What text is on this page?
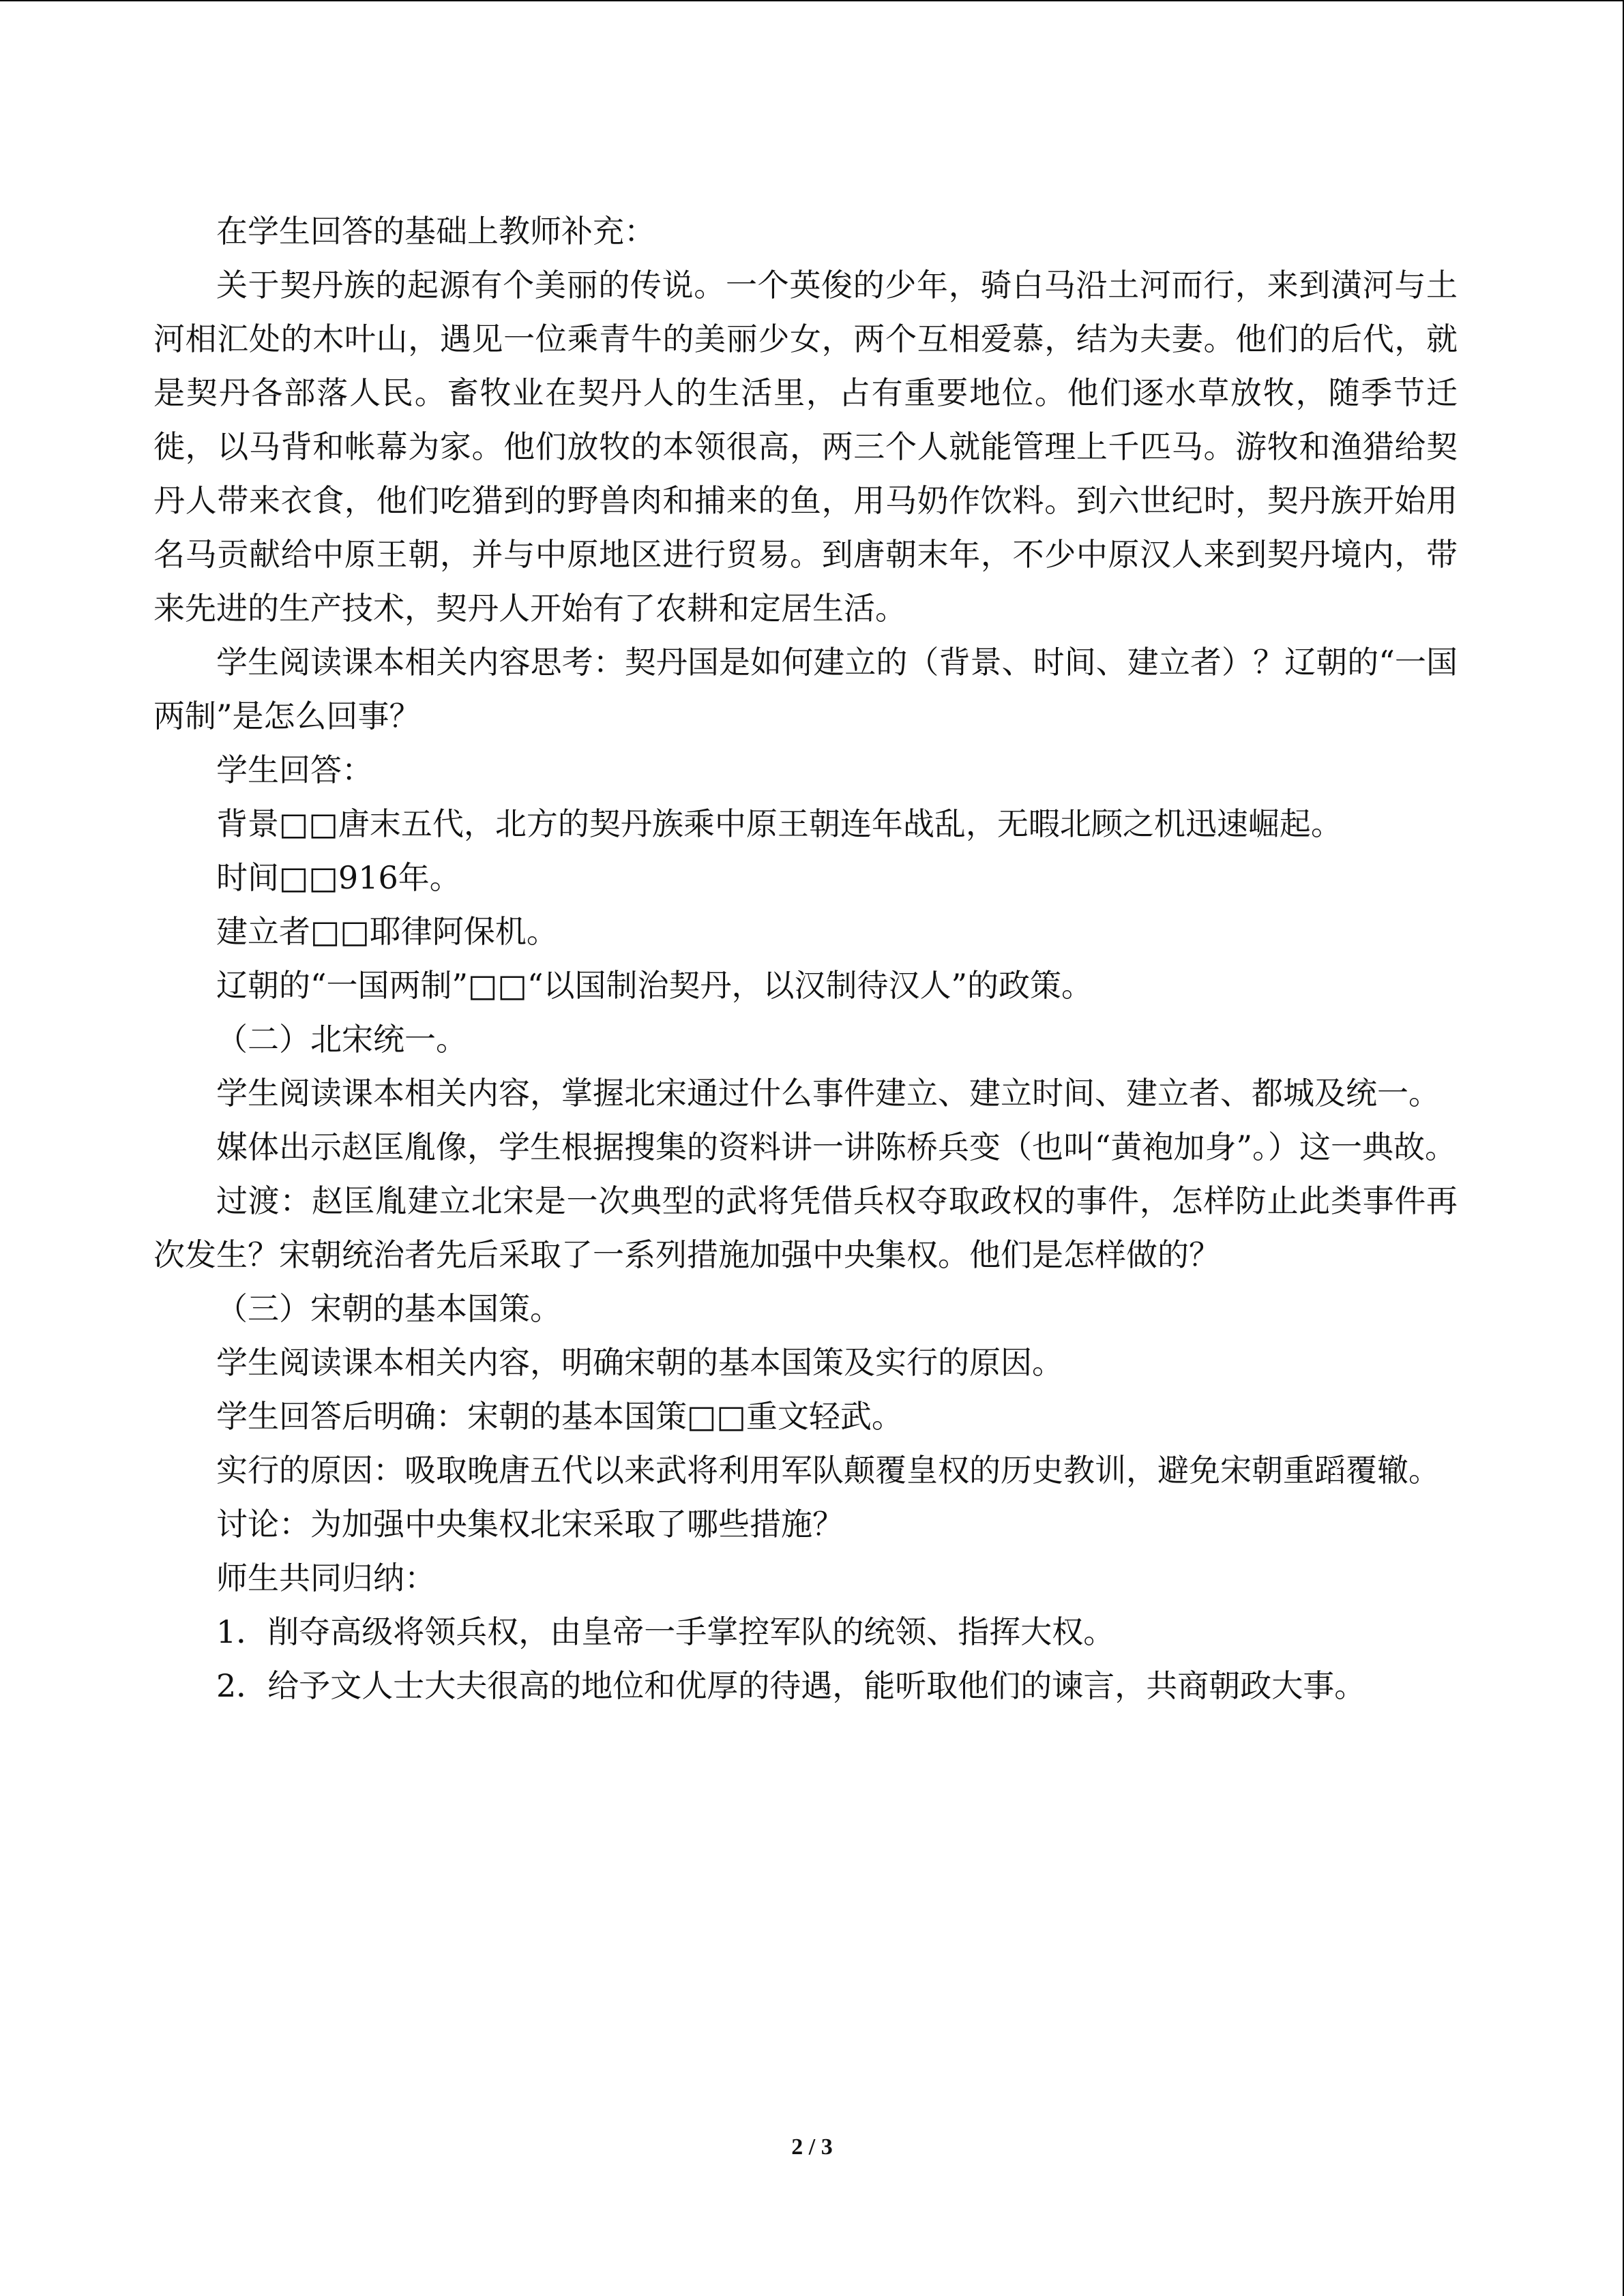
在学生回答的基础上教师补充：

关于契丹族的起源有个美丽的传说。一个英俊的少年，骑白马沿土河而行，来到潢河与土河相汇处的木叶山，遇见一位乘青牛的美丽少女，两个互相爱慕，结为夫妻。他们的后代，就是契丹各部落人民。畜牧业在契丹人的生活里，占有重要地位。他们逐水草放牧，随季节迁徙，以马背和帐幕为家。他们放牧的本领很高，两三个人就能管理上千匹马。游牧和渔猎给契丹人带来衣食，他们吃猎到的野兽肉和捕来的鱼，用马奶作饮料。到六世纪时，契丹族开始用名马贡献给中原王朝，并与中原地区进行贸易。到唐朝末年，不少中原汉人来到契丹境内，带来先进的生产技术，契丹人开始有了农耕和定居生活。

学生阅读课本相关内容思考：契丹国是如何建立的（背景、时间、建立者）？辽朝的“一国两制”是怎么回事？

学生回答：

背景□□唐末五代，北方的契丹族乘中原王朝连年战乱，无暇北顾之机迅速崛起。

时间□□916年。

建立者□□耶律阿保机。

辽朝的“一国两制”□□“以国制治契丹，以汉制待汉人”的政策。

（二）北宋统一。

学生阅读课本相关内容，掌握北宋通过什么事件建立、建立时间、建立者、都城及统一。

媒体出示赵匡胤像，学生根据搜集的资料讲一讲陈桥兵变（也叫“黄袍加身”。）这一典故。

过渡：赵匡胤建立北宋是一次典型的武将凭借兵权夺取政权的事件，怎样防止此类事件再次发生？宋朝统治者先后采取了一系列措施加强中央集权。他们是怎样做的？

（三）宋朝的基本国策。

学生阅读课本相关内容，明确宋朝的基本国策及实行的原因。

学生回答后明确：宋朝的基本国策□□重文轻武。

实行的原因：吸取晚唐五代以来武将利用军队颠覆皇权的历史教训，避免宋朝重蹈覆辙。

讨论：为加强中央集权北宋采取了哪些措施？

师生共同归纳：

1．削夺高级将领兵权，由皇帝一手掌控军队的统领、指挥大权。

2．给予文人士大夫很高的地位和优厚的待遇，能听取他们的谏言，共商朝政大事。

2 / 3
